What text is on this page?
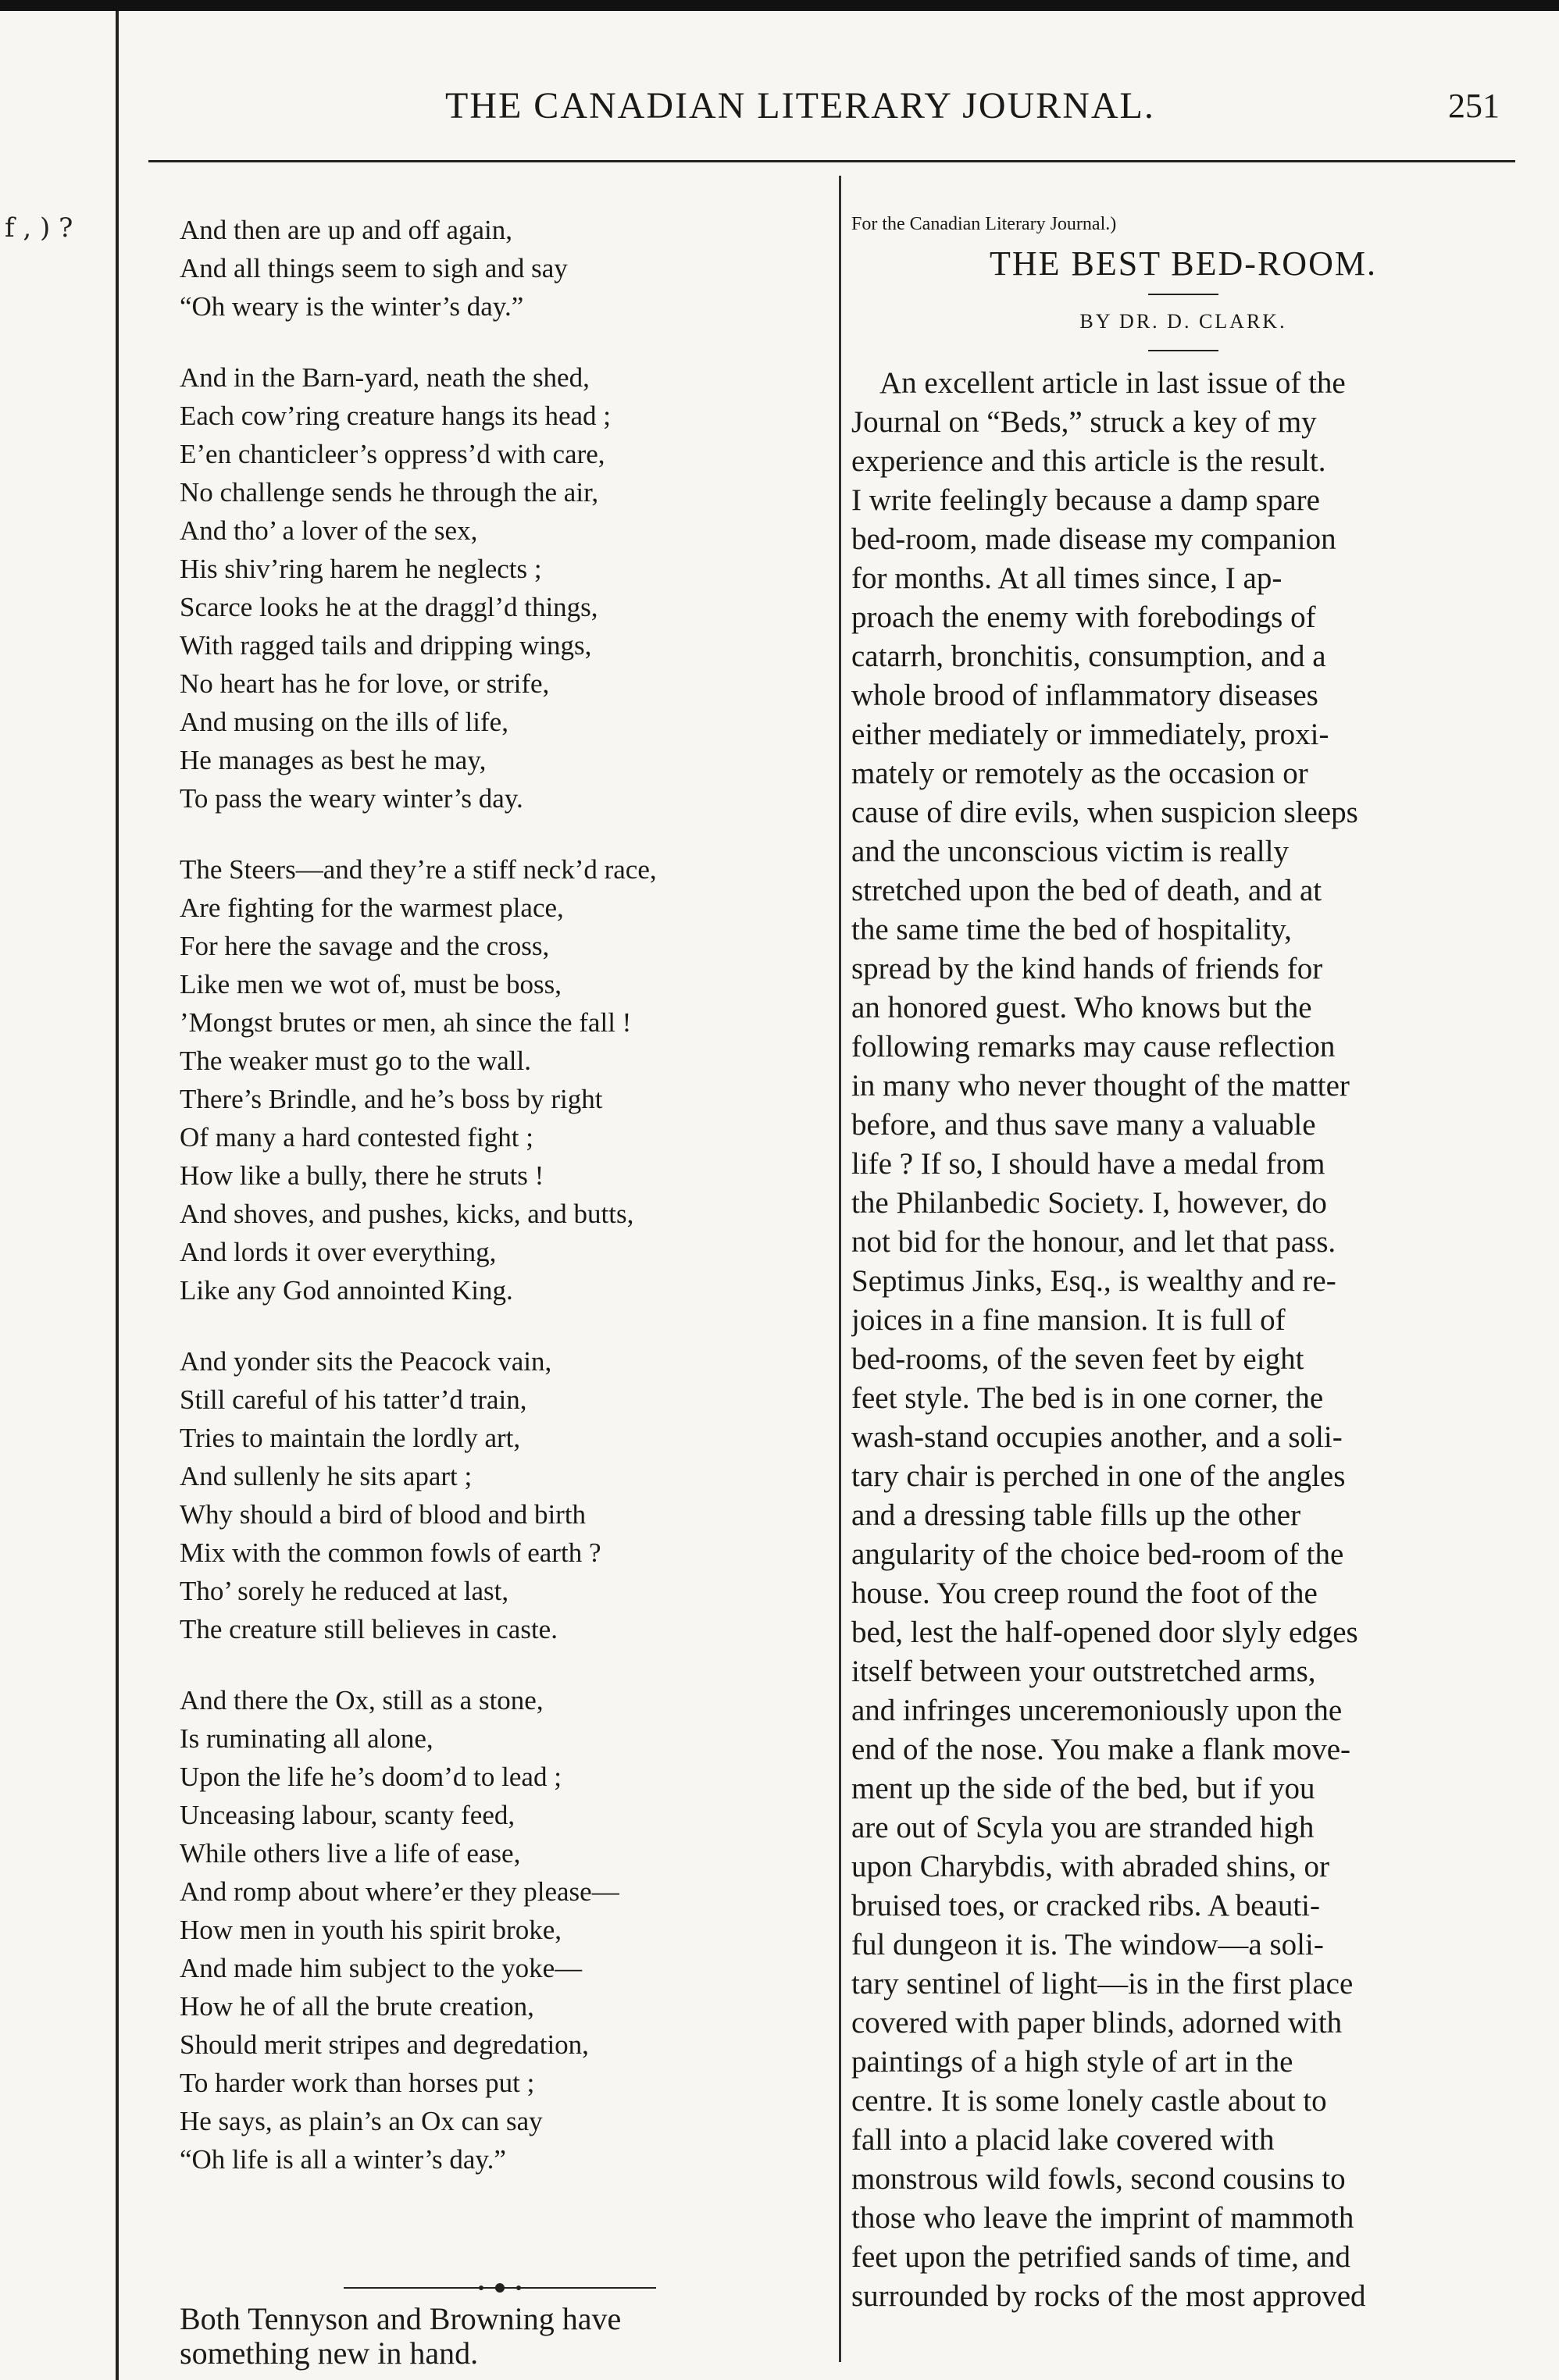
f , ) ?
THE CANADIAN LITERARY JOURNAL.	251
And then are up and off again,
And all things seem to sigh and say
“Oh weary is the winter’s day.”
And in the Barn-yard, neath the shed,
Each cow’ring creature hangs its head ;
E’en chanticleer’s oppress’d with care,
No challenge sends he through the air,
And tho’ a lover of the sex,
His shiv’ring harem he neglects ;
Scarce looks he at the draggl’d things,
With ragged tails and dripping wings,
No heart has he for love, or strife,
And musing on the ills of life,
He manages as best he may,
To pass the weary winter’s day.
The Steers—and they’re a stiff neck’d race,
Are fighting for the warmest place,
For here the savage and the cross,
Like men we wot of, must be boss,
’Mongst brutes or men, ah since the fall !
The weaker must go to the wall.
There’s Brindle, and he’s boss by right
Of many a hard contested fight ;
How like a bully, there he struts !
And shoves, and pushes, kicks, and butts,
And lords it over everything,
Like any God annointed King.
And yonder sits the Peacock vain,
Still careful of his tatter’d train,
Tries to maintain the lordly art,
And sullenly he sits apart ;
Why should a bird of blood and birth
Mix with the common fowls of earth ?
Tho’ sorely he reduced at last,
The creature still believes in caste.
And there the Ox, still as a stone,
Is ruminating all alone,
Upon the life he’s doom’d to lead ;
Unceasing labour, scanty feed,
While others live a life of ease,
And romp about where’er they please—
How men in youth his spirit broke,
And made him subject to the yoke—
How he of all the brute creation,
Should merit stripes and degredation,
To harder work than horses put ;
He says, as plain’s an Ox can say
“Oh life is all a winter’s day.”
Both Tennyson and Browning have
something new in hand.
For the Canadian Literary Journal.)
THE BEST BED-ROOM.
BY DR. D. CLARK.
An excellent article in last issue of the
Journal on “Beds,” struck a key of my
experience and this article is the result.
I write feelingly because a damp spare
bed-room, made disease my companion
for months. At all times since, I ap-
proach the enemy with forebodings of
catarrh, bronchitis, consumption, and a
whole brood of inflammatory diseases
either mediately or immediately, proxi-
mately or remotely as the occasion or
cause of dire evils, when suspicion sleeps
and the unconscious victim is really
stretched upon the bed of death, and at
the same time the bed of hospitality,
spread by the kind hands of friends for
an honored guest. Who knows but the
following remarks may cause reflection
in many who never thought of the matter
before, and thus save many a valuable
life ? If so, I should have a medal from
the Philanbedic Society. I, however, do
not bid for the honour, and let that pass.
Septimus Jinks, Esq., is wealthy and re-
joices in a fine mansion. It is full of
bed-rooms, of the seven feet by eight
feet style. The bed is in one corner, the
wash-stand occupies another, and a soli-
tary chair is perched in one of the angles
and a dressing table fills up the other
angularity of the choice bed-room of the
house. You creep round the foot of the
bed, lest the half-opened door slyly edges
itself between your outstretched arms,
and infringes unceremoniously upon the
end of the nose. You make a flank move-
ment up the side of the bed, but if you
are out of Scyla you are stranded high
upon Charybdis, with abraded shins, or
bruised toes, or cracked ribs. A beauti-
ful dungeon it is. The window—a soli-
tary sentinel of light—is in the first place
covered with paper blinds, adorned with
paintings of a high style of art in the
centre. It is some lonely castle about to
fall into a placid lake covered with
monstrous wild fowls, second cousins to
those who leave the imprint of mammoth
feet upon the petrified sands of time, and
surrounded by rocks of the most approved
